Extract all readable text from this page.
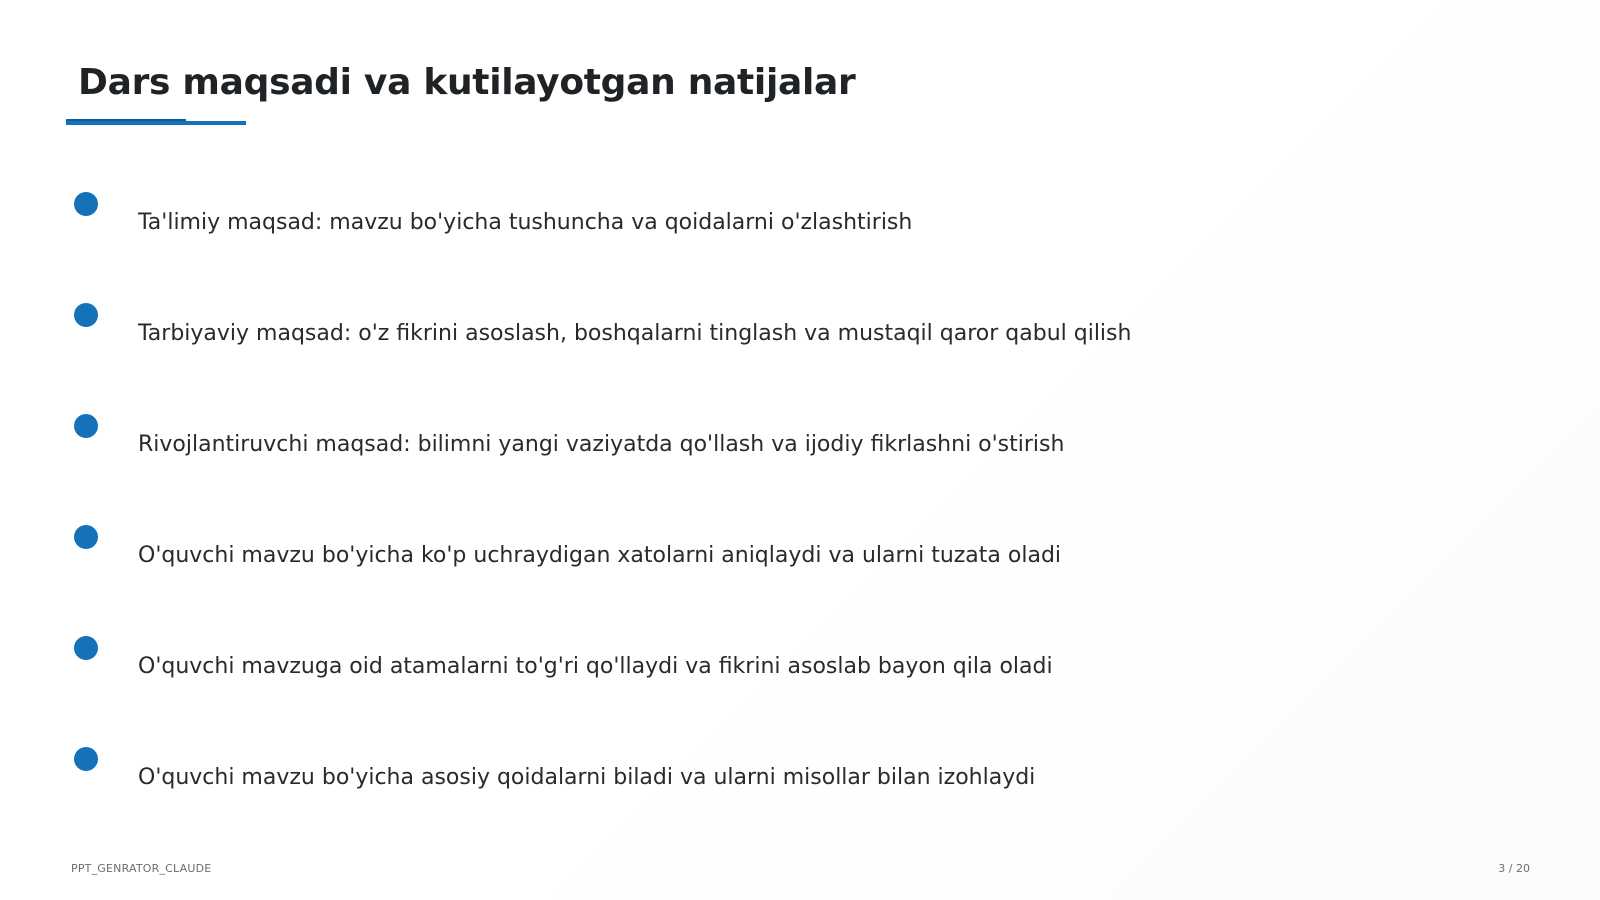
Dars maqsadi va kutilayotgan natijalar
Ta'limiy maqsad: mavzu bo'yicha tushuncha va qoidalarni o'zlashtirish
Tarbiyaviy maqsad: o'z fikrini asoslash, boshqalarni tinglash va mustaqil qaror qabul qilish
Rivojlantiruvchi maqsad: bilimni yangi vaziyatda qo'llash va ijodiy fikrlashni o'stirish
O'quvchi mavzu bo'yicha ko'p uchraydigan xatolarni aniqlaydi va ularni tuzata oladi
O'quvchi mavzuga oid atamalarni to'g'ri qo'llaydi va fikrini asoslab bayon qila oladi
O'quvchi mavzu bo'yicha asosiy qoidalarni biladi va ularni misollar bilan izohlaydi
PPT_GENRATOR_CLAUDE	3 / 20
